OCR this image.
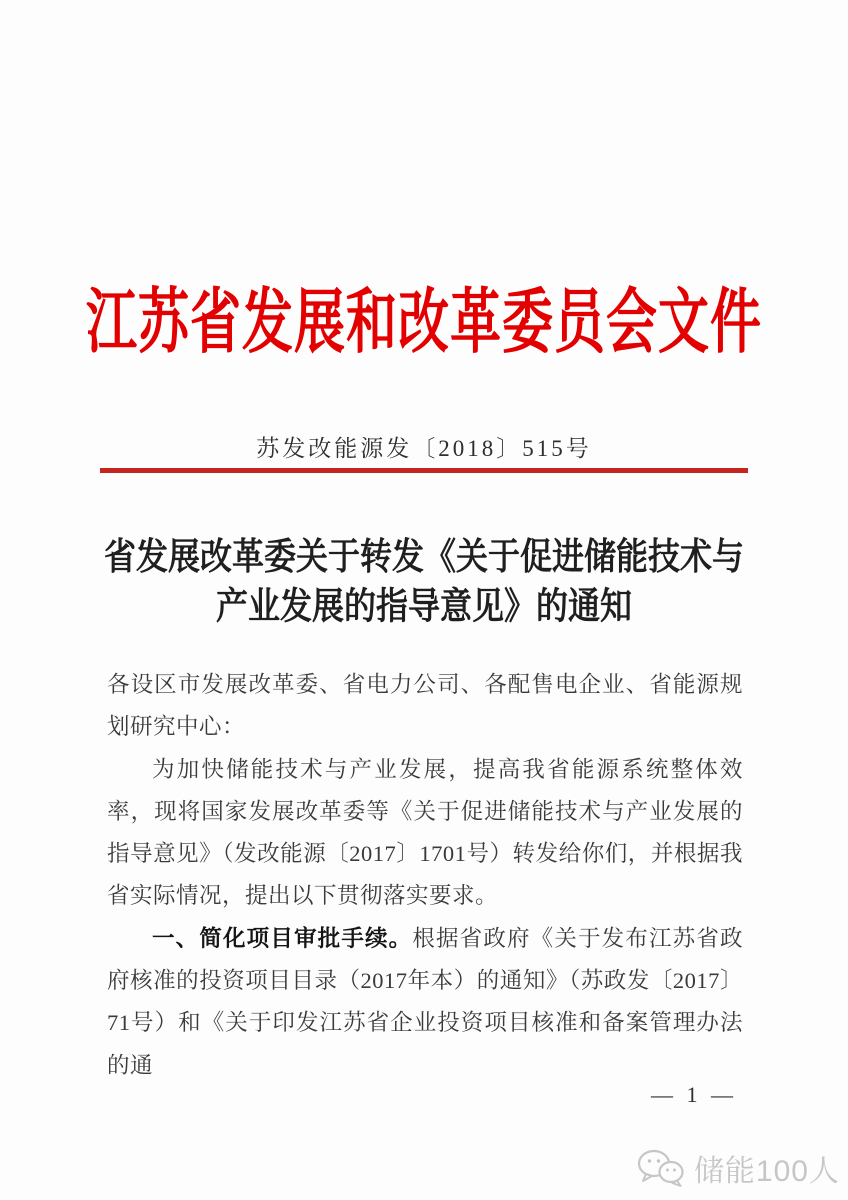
江苏省发展和改革委员会文件
苏发改能源发〔2018〕515号
省发展改革委关于转发《关于促进储能技术与
产业发展的指导意见》的通知

各设区市发展改革委、省电力公司、各配售电企业、省能源规划研究中心：

为加快储能技术与产业发展，提高我省能源系统整体效率，现将国家发展改革委等《关于促进储能技术与产业发展的指导意见》（发改能源〔2017〕1701号）转发给你们，并根据我省实际情况，提出以下贯彻落实要求。

一、简化项目审批手续。根据省政府《关于发布江苏省政府核准的投资项目目录（2017年本）的通知》（苏政发〔2017〕71号）和《关于印发江苏省企业投资项目核准和备案管理办法的通

— 1 —
储能100人
